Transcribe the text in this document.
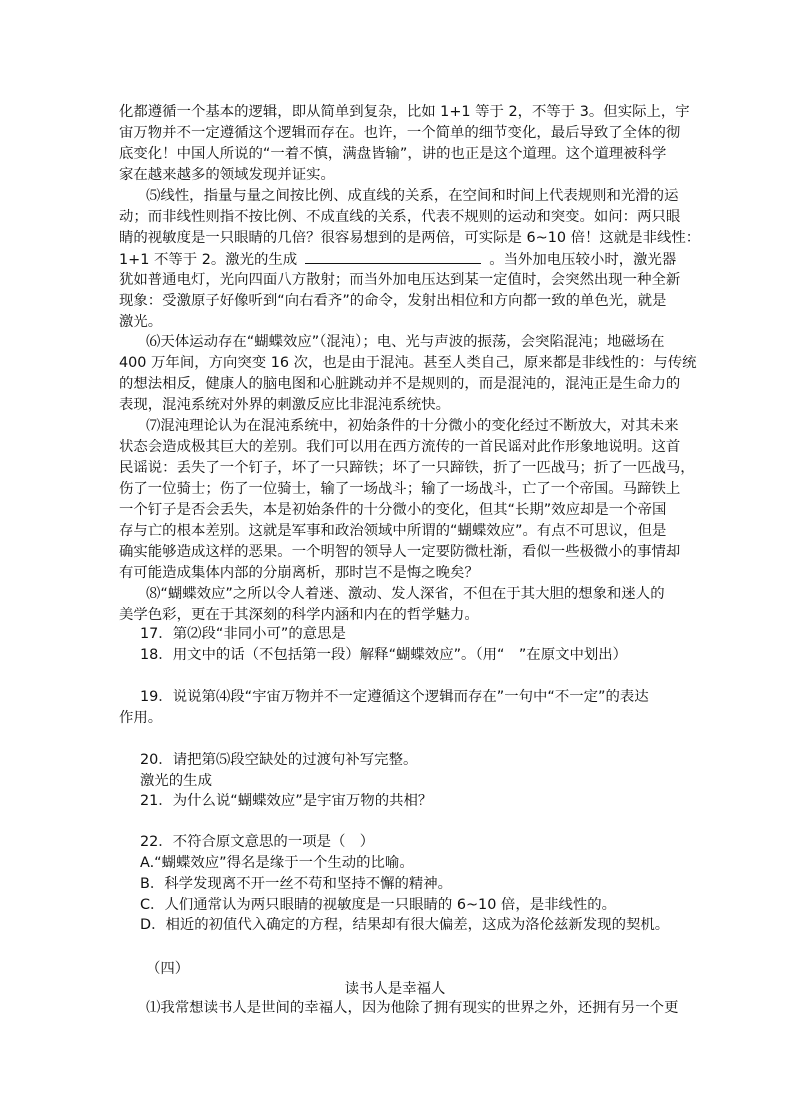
化都遵循一个基本的逻辑，即从简单到复杂，比如 1+1 等于 2，不等于 3。但实际上，宇
宙万物并不一定遵循这个逻辑而存在。也许，一个简单的细节变化，最后导致了全体的彻
底变化！中国人所说的“一着不慎，满盘皆输”，讲的也正是这个道理。这个道理被科学
家在越来越多的领域发现并证实。
⑸线性，指量与量之间按比例、成直线的关系，在空间和时间上代表规则和光滑的运
动；而非线性则指不按比例、不成直线的关系，代表不规则的运动和突变。如问：两只眼
睛的视敏度是一只眼睛的几倍？很容易想到的是两倍，可实际是 6~10 倍！这就是非线性：
1+1 不等于 2。激光的生成	。当外加电压较小时，激光器
犹如普通电灯，光向四面八方散射；而当外加电压达到某一定值时，会突然出现一种全新
现象：受激原子好像听到“向右看齐”的命令，发射出相位和方向都一致的单色光，就是
激光。
⑹天体运动存在“蝴蝶效应”（混沌）；电、光与声波的振荡，会突陷混沌；地磁场在
400 万年间，方向突变 16 次，也是由于混沌。甚至人类自己，原来都是非线性的：与传统
的想法相反，健康人的脑电图和心脏跳动并不是规则的，而是混沌的，混沌正是生命力的
表现，混沌系统对外界的刺激反应比非混沌系统快。
⑺混沌理论认为在混沌系统中，初始条件的十分微小的变化经过不断放大，对其未来
状态会造成极其巨大的差别。我们可以用在西方流传的一首民谣对此作形象地说明。这首
民谣说：丢失了一个钉子，坏了一只蹄铁；坏了一只蹄铁，折了一匹战马；折了一匹战马，
伤了一位骑士；伤了一位骑士，输了一场战斗；输了一场战斗，亡了一个帝国。马蹄铁上
一个钉子是否会丢失，本是初始条件的十分微小的变化，但其“长期”效应却是一个帝国
存与亡的根本差别。这就是军事和政治领域中所谓的“蝴蝶效应”。有点不可思议，但是
确实能够造成这样的恶果。一个明智的领导人一定要防微杜渐，看似一些极微小的事情却
有可能造成集体内部的分崩离析，那时岂不是悔之晚矣？
⑻“蝴蝶效应”之所以令人着迷、激动、发人深省，不但在于其大胆的想象和迷人的
美学色彩，更在于其深刻的科学内涵和内在的哲学魅力。
17．第⑵段“非同小可”的意思是
18．用文中的话（不包括第一段）解释“蝴蝶效应”。（用“　”在原文中划出）
19．说说第⑷段“宇宙万物并不一定遵循这个逻辑而存在”一句中“不一定”的表达
作用。
20．请把第⑸段空缺处的过渡句补写完整。
激光的生成
21．为什么说“蝴蝶效应”是宇宙万物的共相？
22．不符合原文意思的一项是（　）
A.“蝴蝶效应”得名是缘于一个生动的比喻。
B．科学发现离不开一丝不苟和坚持不懈的精神。
C．人们通常认为两只眼睛的视敏度是一只眼睛的 6~10 倍，是非线性的。
D．相近的初值代入确定的方程，结果却有很大偏差，这成为洛伦兹新发现的契机。
（四）
读书人是幸福人
⑴我常想读书人是世间的幸福人，因为他除了拥有现实的世界之外，还拥有另一个更
